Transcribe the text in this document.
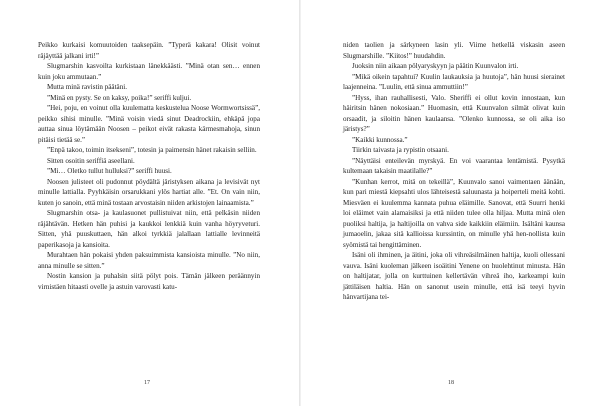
Peikko kurkaisi komuutoiden taaksepäin. ”Typerä kakara! Olisit voinut räjäyttää jalkani irti!”

Slugmarshin kasvoilta kurkistaan länekkäästi. ”Minä otan sen… ennen kuin joku ammutaan.”

Mutta minä ravistin päätäni.

”Minä en pysty. Se on kaksy, poika!” seriffi kuljui.

”Hei, poju, en voinut olla kuulematta keskustelua Noose Wormwortsissä”, peikko sihisi minulle. ”Minä voisin viedä sinut Deadrockiin, ehkäpä jopa auttaa sinua löytämään Noosen – peikot eivät rakasta kärmesmahoja, sinun pitäisi tietää se.”

”Enpä takoo, toimin itsekseni”, totesin ja paimensin hänet rakaisin selliin.

Sitten osoitin seriffiä aseellani.

”Mi… Oletko tullut hulluksi?” seriffi huusi.

Noosen julisteet oli pudonnut pöydältä järistyksen aikana ja levisivät nyt minulle lattialla. Pyyhkäisin orsarukkani ylös hartiat alle. ”Et. On vain niin, kuten jo sanoin, että minä tostaan arvostaisin niiden arkistojen lainaamista.”

Slugmarshin otsa- ja kaulasuonet pullistuivat niin, että pelkäsin niiden räjähtävän. Hetken hän puhisi ja kaukkoi lenkkiä kuin vanha höyryveturi. Sitten, yhä puuskuttaen, hän alkoi tyrkkiä jalallaan lattialle levinneitä paperikasoja ja kansioita.

Murahtaen hän pokaisi yhden paksuimmista kansioista minulle. ”No niin, anna minulle se sitten.”

Nostin kansion ja puhalsin siitä pölyt pois. Tämän jälkeen peräännyin virnistäen hitaasti ovelle ja astuin varovasti katu-

17

niden taolien ja särkyneen lasin yli. Viime hetkellä viskasin aseen Slugmarshille. ”Kiitos!” huudahdin.

Juoksin niin aikaan pölyaryskyyn ja päätin Kuunvalon irti.

”Mikä oikein tapahtui? Kuulin laukauksia ja huutoja”, hän huusi sierainet laajenneina. ”Luulin, että sinua ammuttiin!”

”Hyss, ihan rauhallisesti, Valo. Sheriffi ei ollut kovin innostaan, kun häiritsin hänen nokosiaan.” Huomasin, että Kuunvalon silmät olivat kuin orsaadit, ja siloitin hänen kaulaansa. ”Olenko kunnossa, se oli aika iso järistys?”

”Kaikki kunnossa.”

Tiirkin taivasta ja rypistin otsaani.

”Näyttäisi enteilevän myrskyä. En voi vaarantaa lentämistä. Pysytkä kultemaan takaisin maatilalle?”

”Kunhan kerrot, mitä on tekeillä”, Kuunvalo sanoi vaimentaen äänään, kun pari miestä kiepsahti ulos lähteisestä saluunasta ja hoiperteli meitä kohti. Miesväen ei kuulemma kannata puhua eläimille. Sanovat, että Suurri henki loi eläimet vain alamaisiksi ja että niiden tulee olla hiljaa. Mutta minä olen puoliksi haltija, ja haltijoilla on vahva side kaikkiin eläimiin. Isältäni kaunsa jumaoelin, jakaa sitä kallioissa kurssintin, on minulle yhä hen-nollista kuin syömistä tai hengittäminen.

Isäni oli ihminen, ja äitini, joka oli vihreäsilmäinen haltija, kuoli ollessani vauva. Isäni kuoleman jälkeen isoäitini Yenene on huolehtinut minusta. Hän on haltijatar, jolla on kurttuinen kellertävän vihreä iho, karkeampi kuin jättiläisen haltia. Hän on sanonut usein minulle, että isä teeyi hyvin hänvartijana tei-

18
